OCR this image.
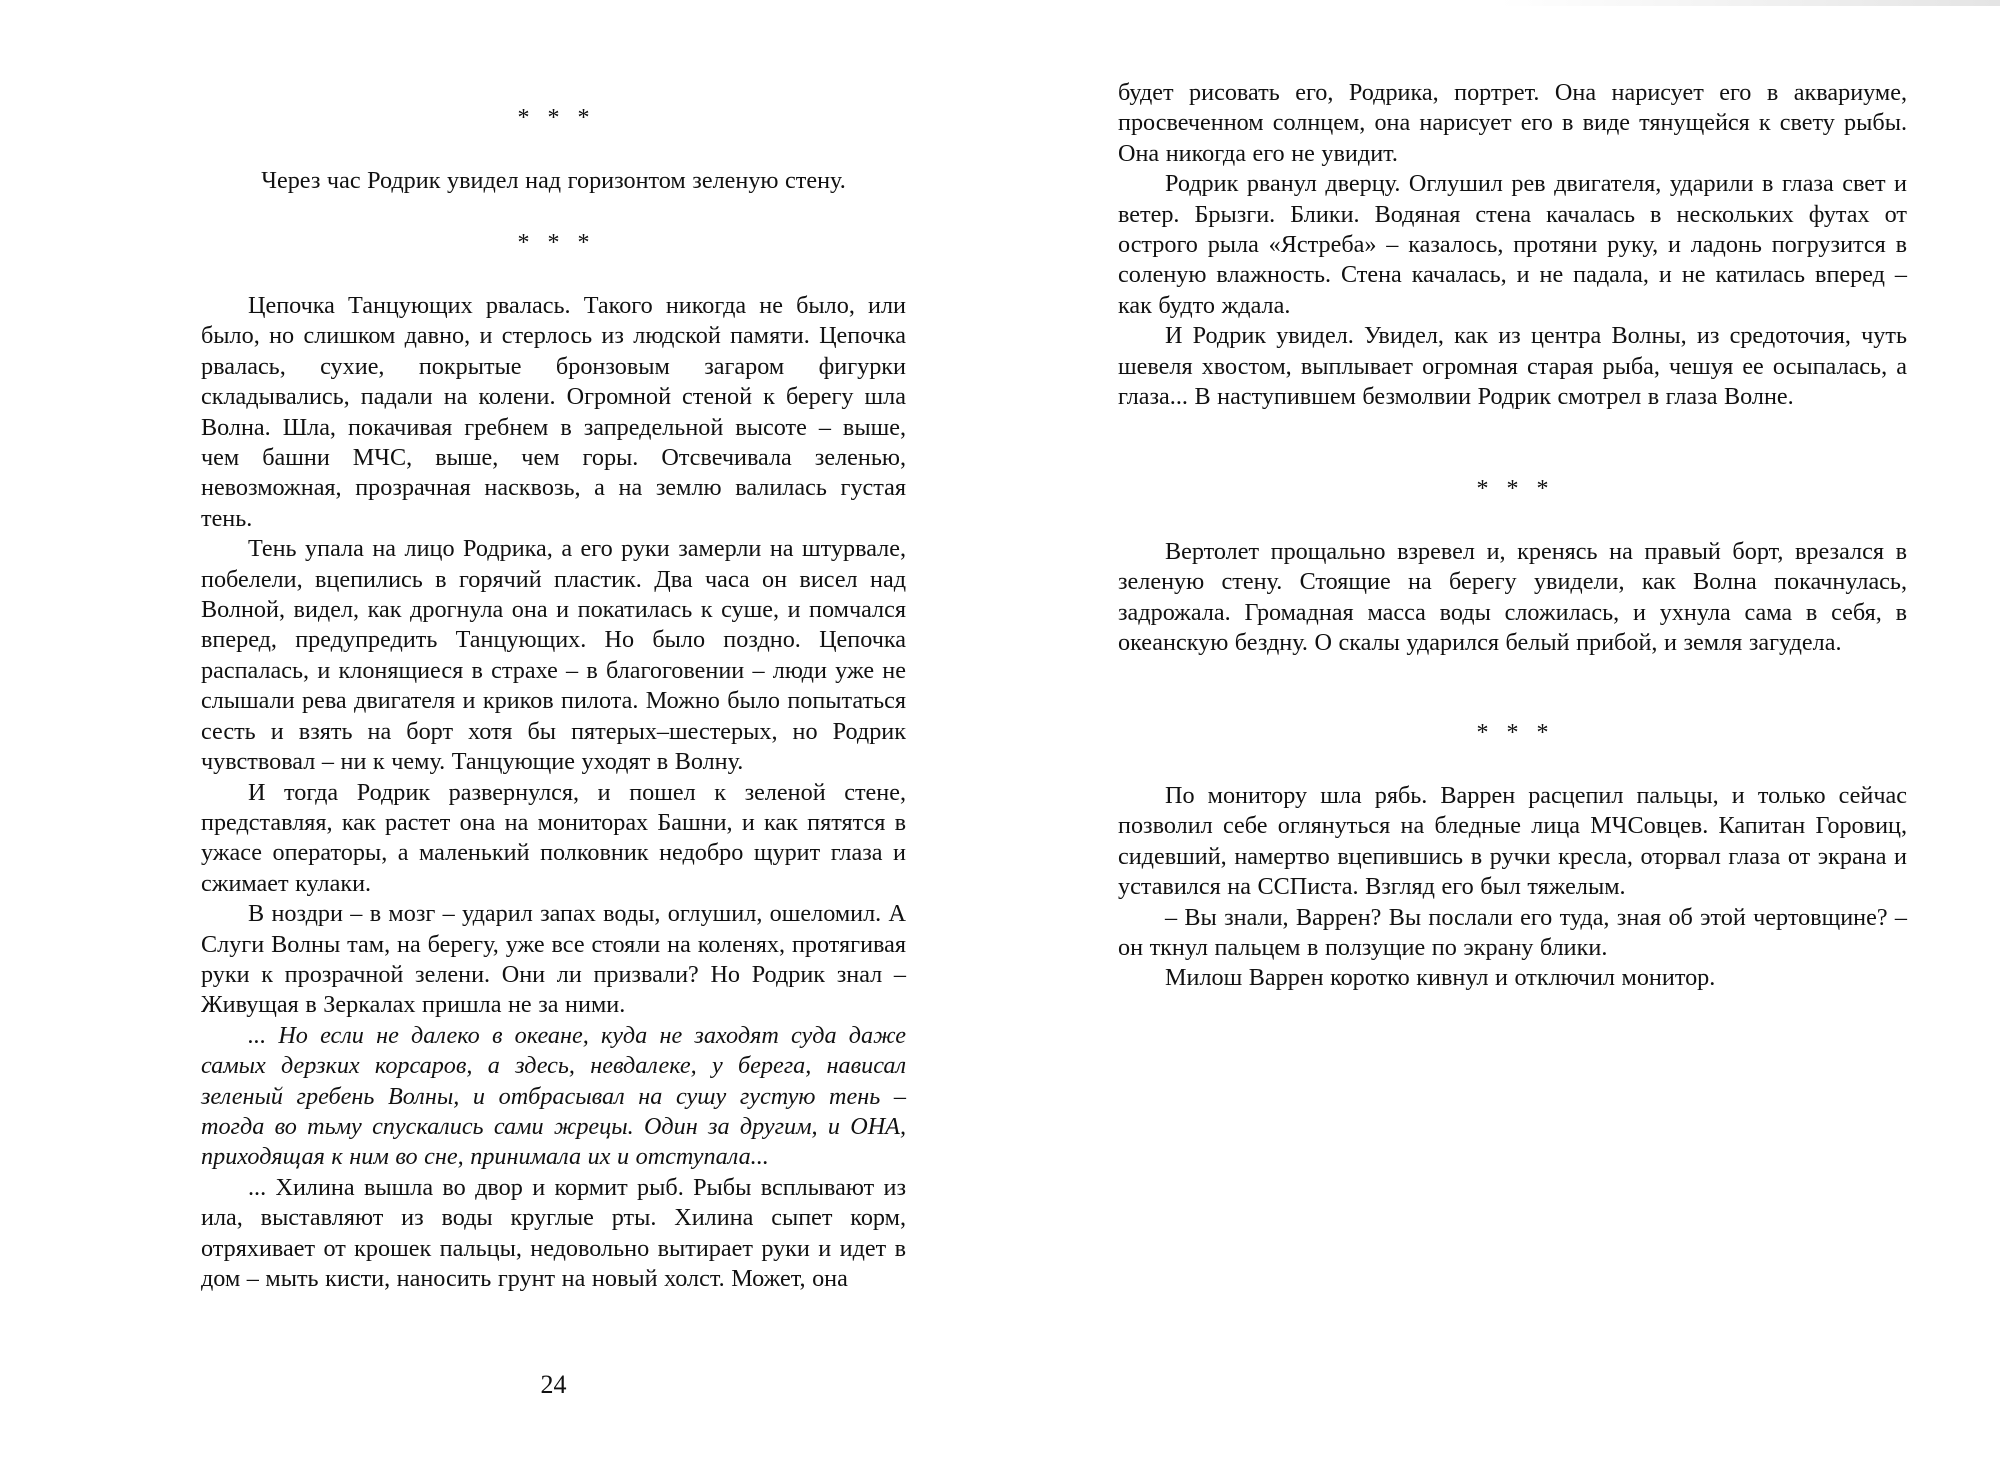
* * *

Через час Родрик увидел над горизонтом зеленую стену.

* * *

Цепочка Танцующих рвалась. Такого никогда не было, или было, но слишком давно, и стерлось из людской памяти. Цепочка рвалась, сухие, покрытые бронзовым загаром фигурки складывались, падали на колени. Огромной стеной к берегу шла Волна. Шла, покачивая гребнем в запредельной высоте – выше, чем башни МЧС, выше, чем горы. Отсвечивала зеленью, невозможная, прозрачная насквозь, а на землю валилась густая тень.

Тень упала на лицо Родрика, а его руки замерли на штурвале, побелели, вцепились в горячий пластик. Два часа он висел над Волной, видел, как дрогнула она и покатилась к суше, и помчался вперед, предупредить Танцующих. Но было поздно. Цепочка распалась, и клонящиеся в страхе – в благоговении – люди уже не слышали рева двигателя и криков пилота. Можно было попытаться сесть и взять на борт хотя бы пятерых–шестерых, но Родрик чувствовал – ни к чему. Танцующие уходят в Волну.

И тогда Родрик развернулся, и пошел к зеленой стене, представляя, как растет она на мониторах Башни, и как пятятся в ужасе операторы, а маленький полковник недобро щурит глаза и сжимает кулаки.

В ноздри – в мозг – ударил запах воды, оглушил, ошеломил. А Слуги Волны там, на берегу, уже все стояли на коленях, протягивая руки к прозрачной зелени. Они ли призвали? Но Родрик знал – Живущая в Зеркалах пришла не за ними.

... Но если не далеко в океане, куда не заходят суда даже самых дерзких корсаров, а здесь, невдалеке, у берега, нависал зеленый гребень Волны, и отбрасывал на сушу густую тень – тогда во тьму спускались сами жрецы. Один за другим, и ОНА, приходящая к ним во сне, принимала их и отступала...

... Хилина вышла во двор и кормит рыб. Рыбы всплывают из ила, выставляют из воды круглые рты. Хилина сыпет корм, отряхивает от крошек пальцы, недовольно вытирает руки и идет в дом – мыть кисти, наносить грунт на новый холст. Может, она

24

будет рисовать его, Родрика, портрет. Она нарисует его в аквариуме, просвеченном солнцем, она нарисует его в виде тянущейся к свету рыбы. Она никогда его не увидит.

Родрик рванул дверцу. Оглушил рев двигателя, ударили в глаза свет и ветер. Брызги. Блики. Водяная стена качалась в нескольких футах от острого рыла «Ястреба» – казалось, протяни руку, и ладонь погрузится в соленую влажность. Стена качалась, и не падала, и не катилась вперед – как будто ждала.

И Родрик увидел. Увидел, как из центра Волны, из средоточия, чуть шевеля хвостом, выплывает огромная старая рыба, чешуя ее осыпалась, а глаза... В наступившем безмолвии Родрик смотрел в глаза Волне.

* * *

Вертолет прощально взревел и, кренясь на правый борт, врезался в зеленую стену. Стоящие на берегу увидели, как Волна покачнулась, задрожала. Громадная масса воды сложилась, и ухнула сама в себя, в океанскую бездну. О скалы ударился белый прибой, и земля загудела.

* * *

По монитору шла рябь. Варрен расцепил пальцы, и только сейчас позволил себе оглянуться на бледные лица МЧСовцев. Капитан Горовиц, сидевший, намертво вцепившись в ручки кресла, оторвал глаза от экрана и уставился на ССПиста. Взгляд его был тяжелым.

– Вы знали, Варрен? Вы послали его туда, зная об этой чертовщине? – он ткнул пальцем в ползущие по экрану блики.

Милош Варрен коротко кивнул и отключил монитор.
